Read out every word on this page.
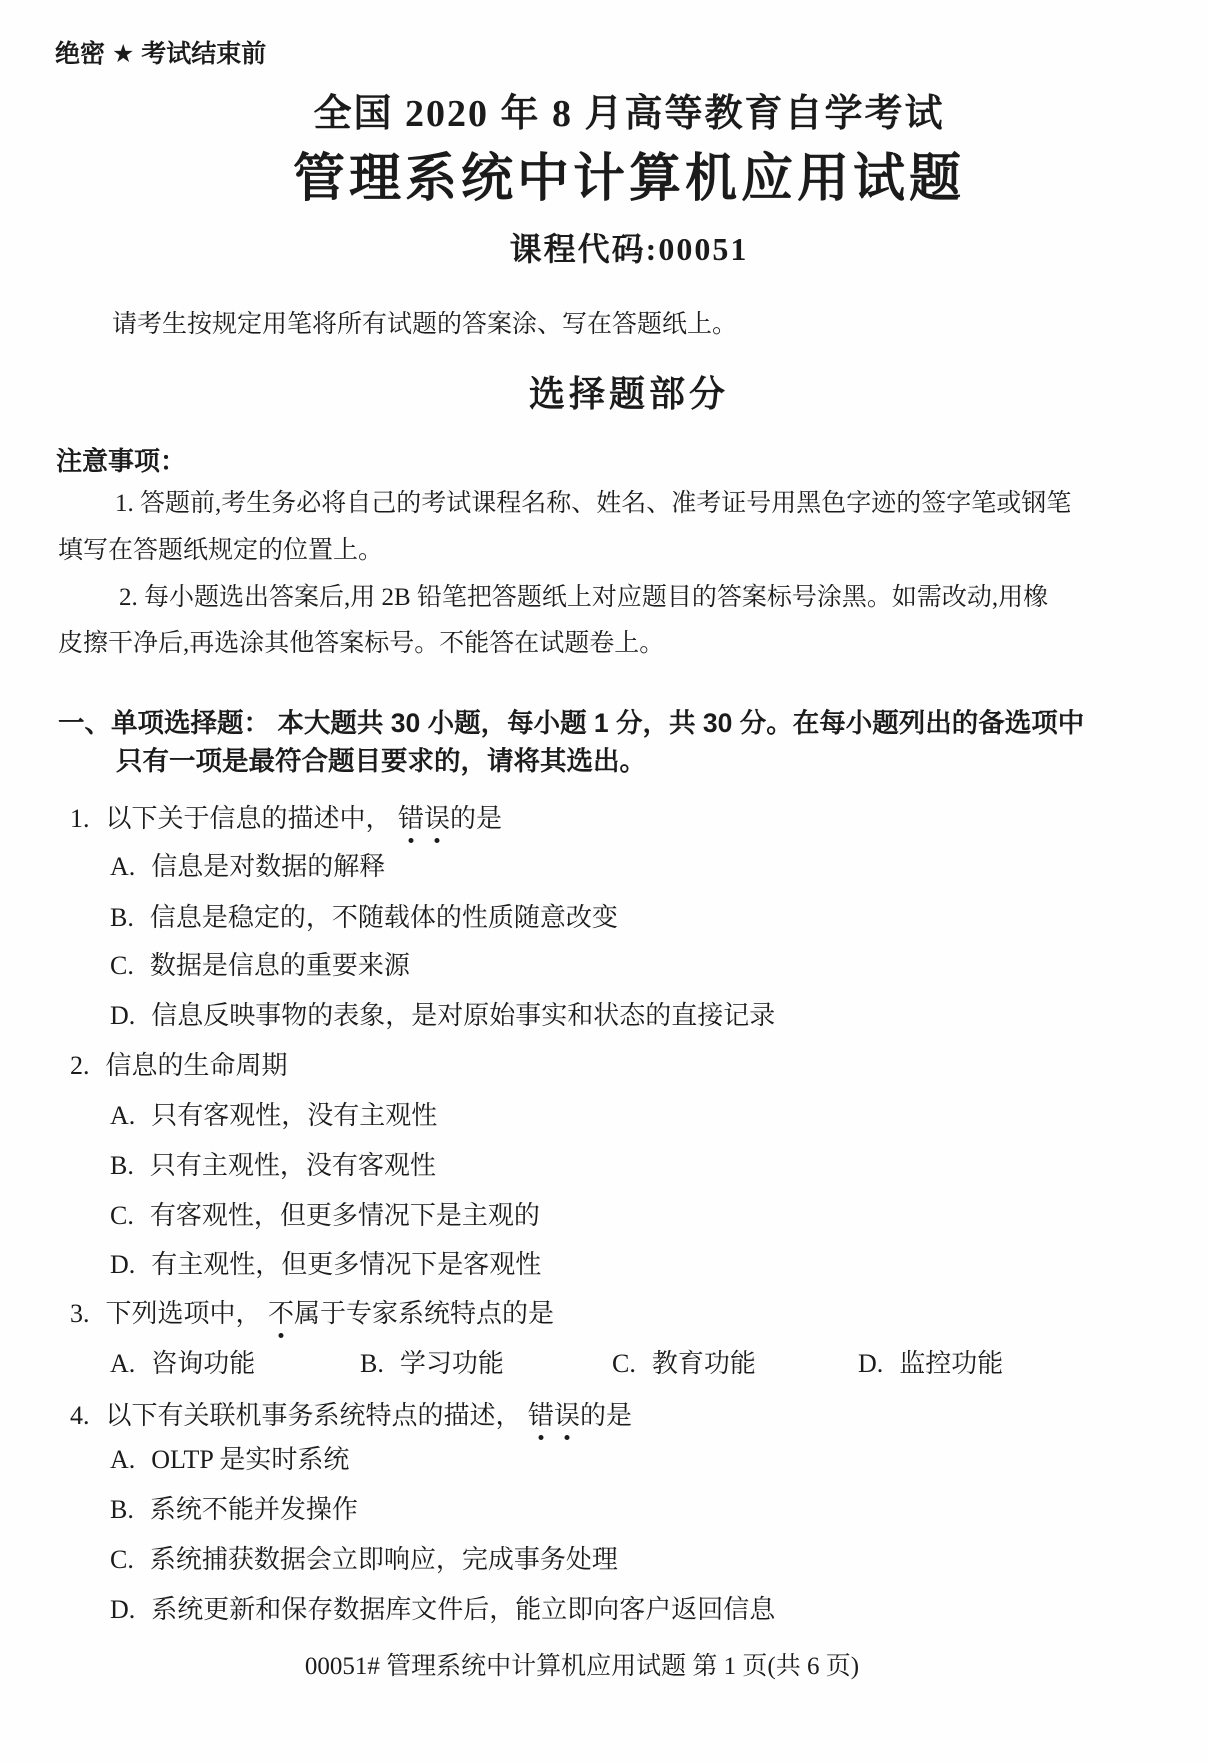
绝密 ★ 考试结束前
全国 2020 年 8 月高等教育自学考试
管理系统中计算机应用试题
课程代码:00051
请考生按规定用笔将所有试题的答案涂、写在答题纸上。
选择题部分
注意事项：
1. 答题前,考生务必将自己的考试课程名称、姓名、准考证号用黑色字迹的签字笔或钢笔
填写在答题纸规定的位置上。
2. 每小题选出答案后,用 2B 铅笔把答题纸上对应题目的答案标号涂黑。如需改动,用橡
皮擦干净后,再选涂其他答案标号。不能答在试题卷上。
一、单项选择题： 本大题共 30 小题，每小题 1 分，共 30 分。在每小题列出的备选项中
只有一项是最符合题目要求的，请将其选出。
1. 以下关于信息的描述中， 错误的是
A. 信息是对数据的解释
B. 信息是稳定的，不随载体的性质随意改变
C. 数据是信息的重要来源
D. 信息反映事物的表象，是对原始事实和状态的直接记录
2. 信息的生命周期
A. 只有客观性，没有主观性
B. 只有主观性，没有客观性
C. 有客观性，但更多情况下是主观的
D. 有主观性，但更多情况下是客观性
3. 下列选项中， 不属于专家系统特点的是
A. 咨询功能	B. 学习功能	C. 教育功能	D. 监控功能
4. 以下有关联机事务系统特点的描述， 错误的是
A. OLTP 是实时系统
B. 系统不能并发操作
C. 系统捕获数据会立即响应，完成事务处理
D. 系统更新和保存数据库文件后，能立即向客户返回信息
00051# 管理系统中计算机应用试题 第 1 页(共 6 页)
